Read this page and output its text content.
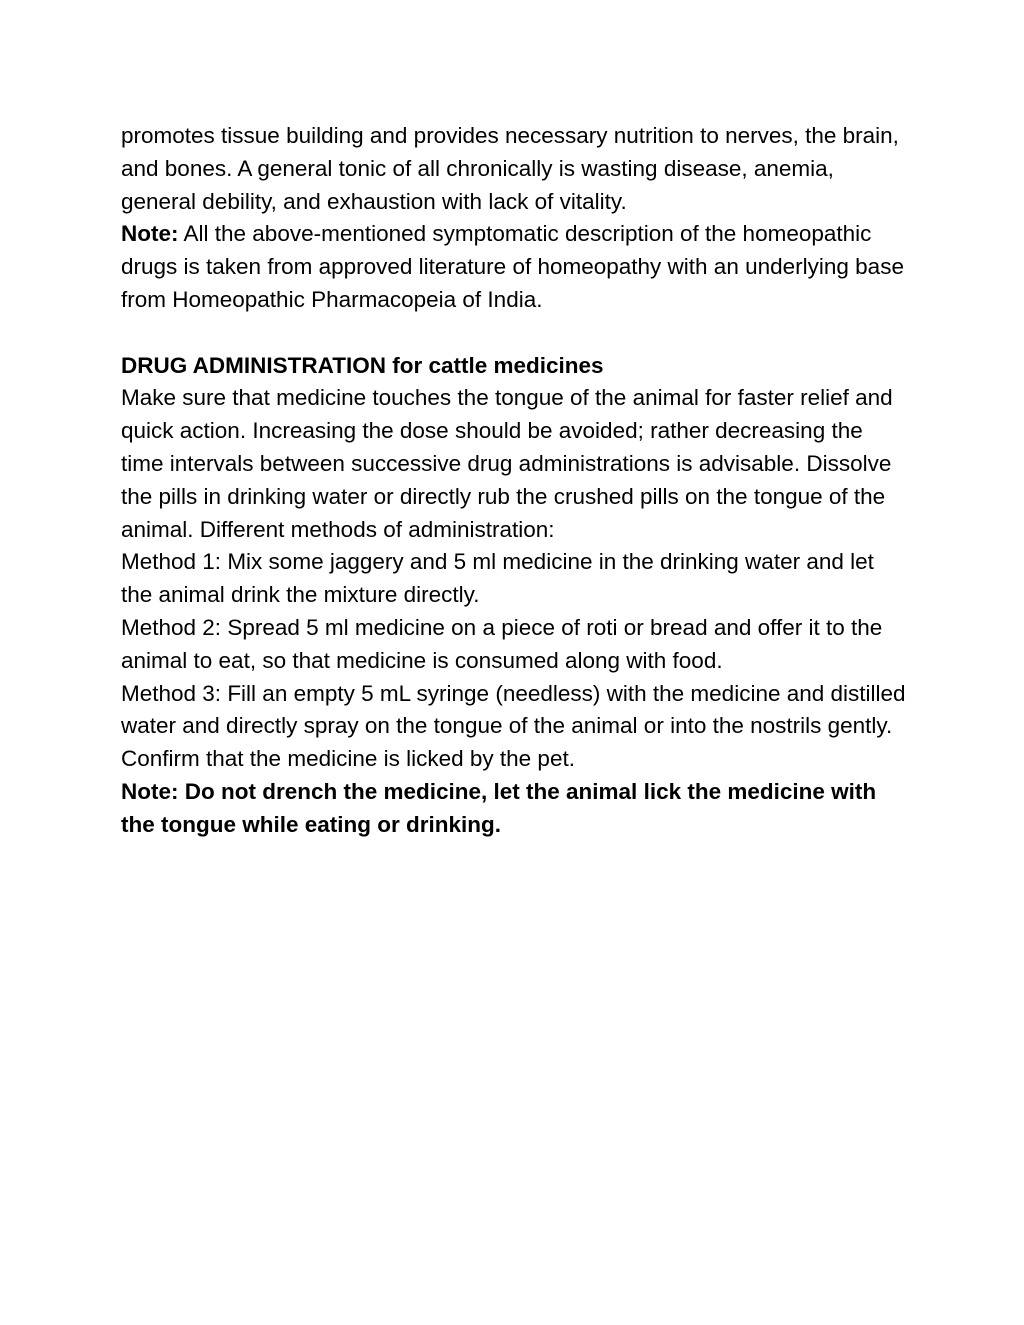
promotes tissue building and provides necessary nutrition to nerves, the brain, and bones. A general tonic of all chronically is wasting disease, anemia, general debility, and exhaustion with lack of vitality.

Note: All the above-mentioned symptomatic description of the homeopathic drugs is taken from approved literature of homeopathy with an underlying base from Homeopathic Pharmacopeia of India.

DRUG ADMINISTRATION for cattle medicines

Make sure that medicine touches the tongue of the animal for faster relief and quick action. Increasing the dose should be avoided; rather decreasing the time intervals between successive drug administrations is advisable. Dissolve the pills in drinking water or directly rub the crushed pills on the tongue of the animal. Different methods of administration:

Method 1: Mix some jaggery and 5 ml medicine in the drinking water and let the animal drink the mixture directly.

Method 2: Spread 5 ml medicine on a piece of roti or bread and offer it to the animal to eat, so that medicine is consumed along with food.

Method 3: Fill an empty 5 mL syringe (needless) with the medicine and distilled water and directly spray on the tongue of the animal or into the nostrils gently. Confirm that the medicine is licked by the pet.

Note: Do not drench the medicine, let the animal lick the medicine with the tongue while eating or drinking.
